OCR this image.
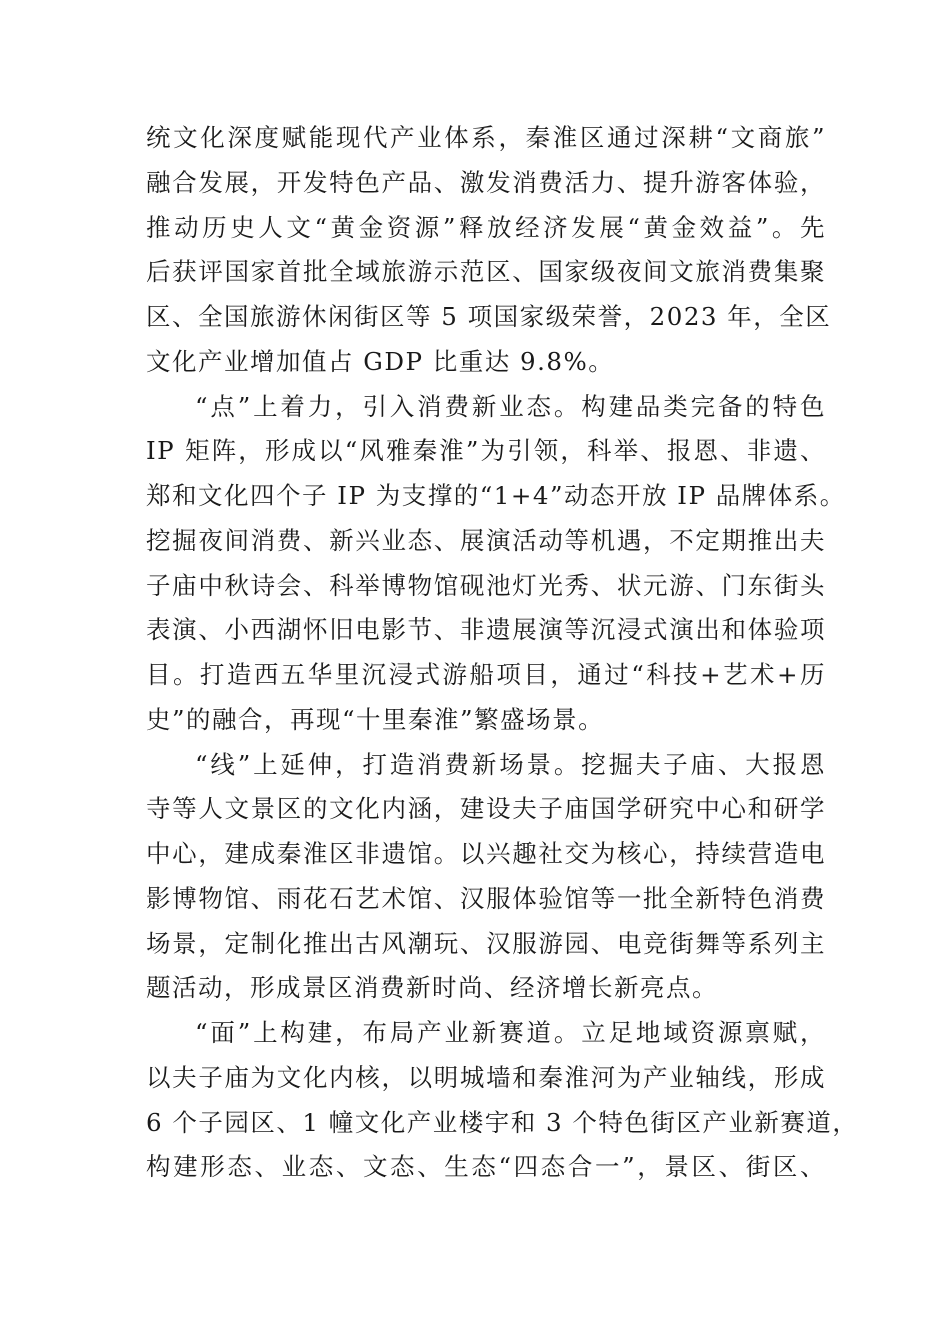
统文化深度赋能现代产业体系，秦淮区通过深耕“文商旅”
融合发展，开发特色产品、激发消费活力、提升游客体验，
推动历史人文“黄金资源”释放经济发展“黄金效益”。先
后获评国家首批全域旅游示范区、国家级夜间文旅消费集聚
区、全国旅游休闲街区等 5 项国家级荣誉，2023 年，全区
文化产业增加值占 GDP 比重达 9.8%。
“点”上着力，引入消费新业态。构建品类完备的特色
IP 矩阵，形成以“风雅秦淮”为引领，科举、报恩、非遗、
郑和文化四个子 IP 为支撑的“1+4”动态开放 IP 品牌体系。
挖掘夜间消费、新兴业态、展演活动等机遇，不定期推出夫
子庙中秋诗会、科举博物馆砚池灯光秀、状元游、门东街头
表演、小西湖怀旧电影节、非遗展演等沉浸式演出和体验项
目。打造西五华里沉浸式游船项目，通过“科技+艺术+历
史”的融合，再现“十里秦淮”繁盛场景。
“线”上延伸，打造消费新场景。挖掘夫子庙、大报恩
寺等人文景区的文化内涵，建设夫子庙国学研究中心和研学
中心，建成秦淮区非遗馆。以兴趣社交为核心，持续营造电
影博物馆、雨花石艺术馆、汉服体验馆等一批全新特色消费
场景，定制化推出古风潮玩、汉服游园、电竞街舞等系列主
题活动，形成景区消费新时尚、经济增长新亮点。
“面”上构建，布局产业新赛道。立足地域资源禀赋，
以夫子庙为文化内核，以明城墙和秦淮河为产业轴线，形成
6 个子园区、1 幢文化产业楼宇和 3 个特色街区产业新赛道，
构建形态、业态、文态、生态“四态合一”，景区、街区、
